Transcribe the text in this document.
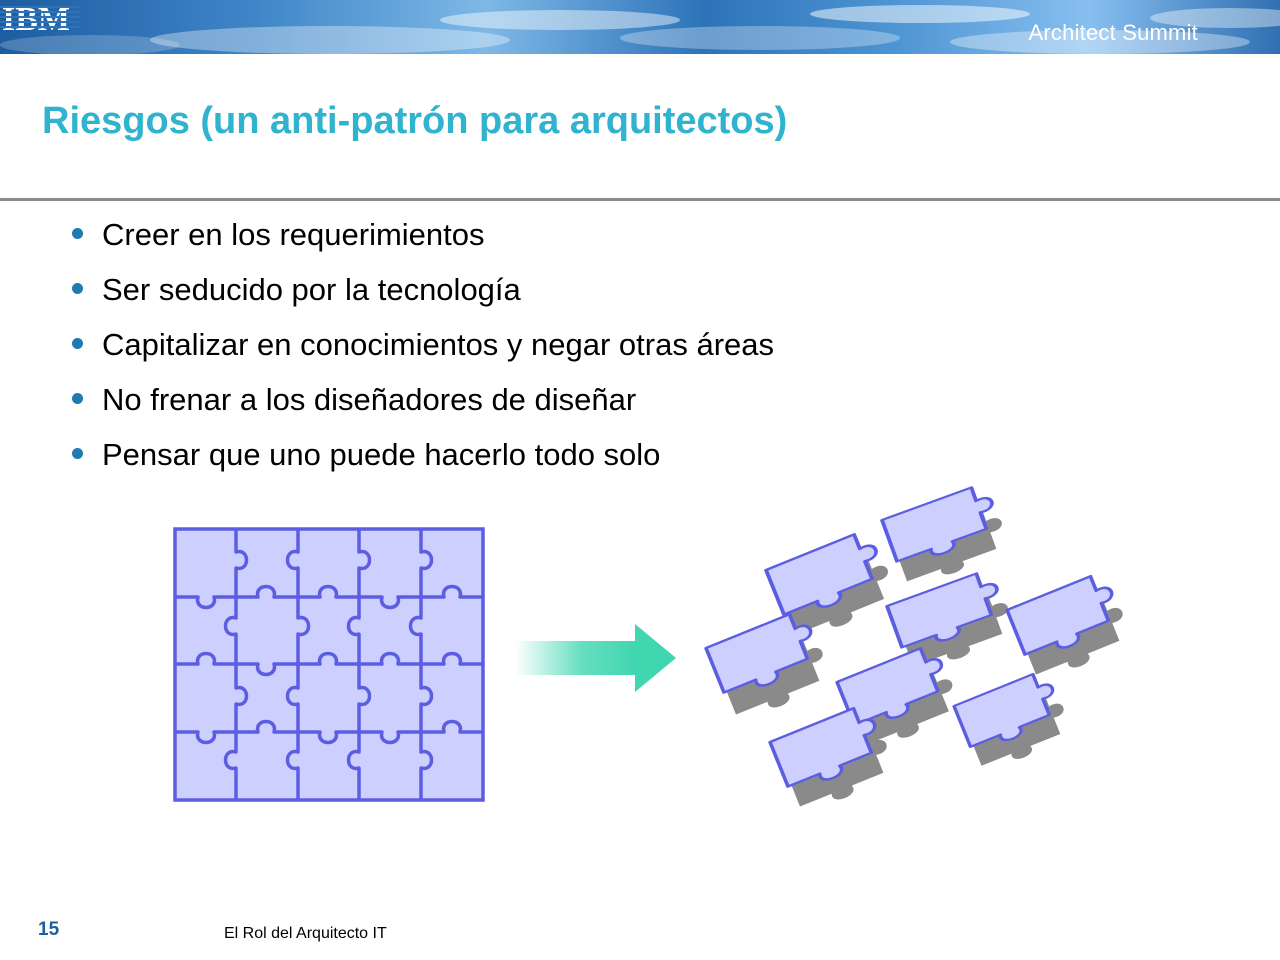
Architect Summit
Riesgos (un anti-patrón para arquitectos)
Creer en los requerimientos
Ser seducido por la tecnología
Capitalizar en conocimientos y negar otras áreas
No frenar a los diseñadores de diseñar
Pensar que uno puede hacerlo todo solo
15	El Rol del Arquitecto IT
